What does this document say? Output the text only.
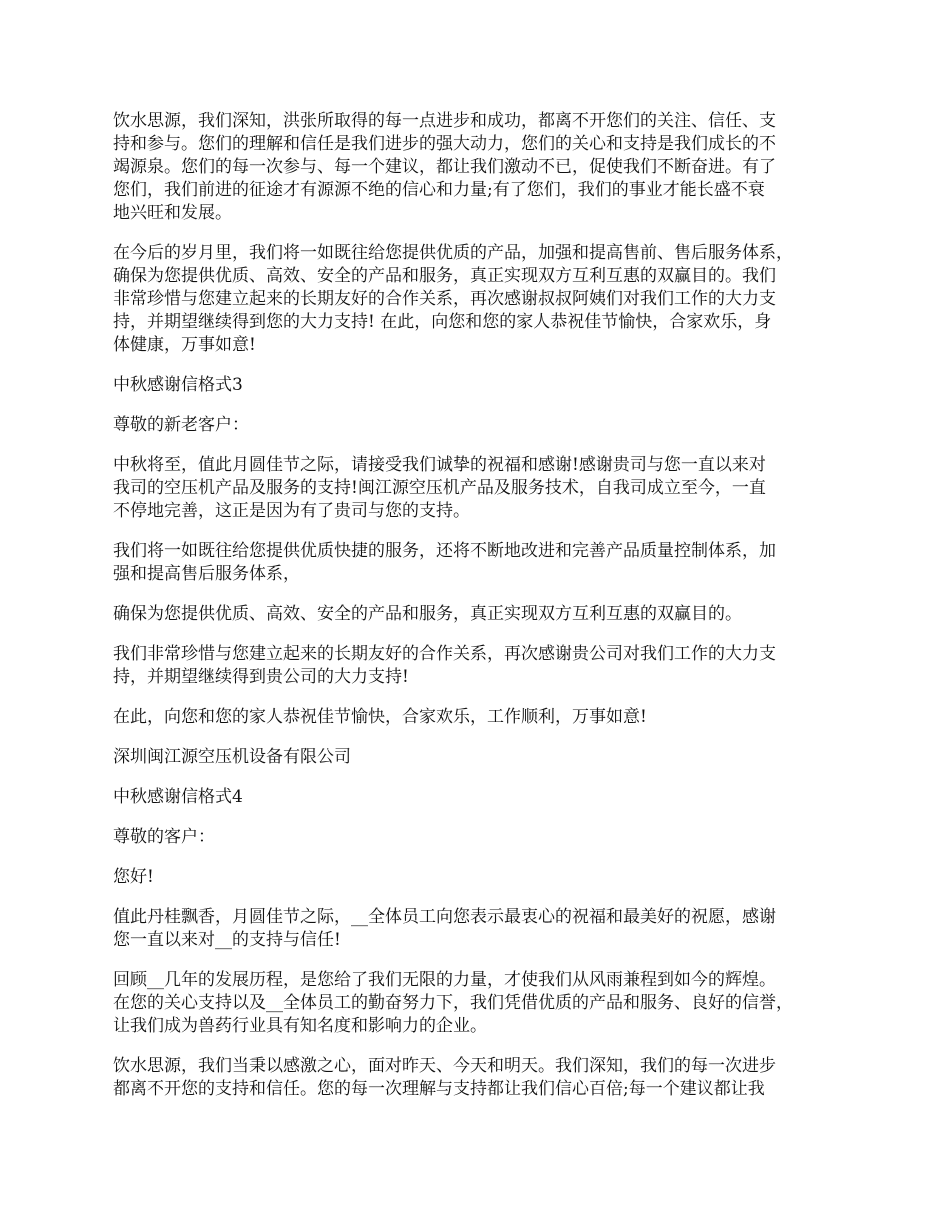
饮水思源，我们深知，洪张所取得的每一点进步和成功，都离不开您们的关注、信任、支
持和参与。您们的理解和信任是我们进步的强大动力，您们的关心和支持是我们成长的不
竭源泉。您们的每一次参与、每一个建议，都让我们激动不已，促使我们不断奋进。有了
您们，我们前进的征途才有源源不绝的信心和力量;有了您们，我们的事业才能长盛不衰
地兴旺和发展。

在今后的岁月里，我们将一如既往给您提供优质的产品，加强和提高售前、售后服务体系，
确保为您提供优质、高效、安全的产品和服务，真正实现双方互利互惠的双赢目的。我们
非常珍惜与您建立起来的长期友好的合作关系，再次感谢叔叔阿姨们对我们工作的大力支
持，并期望继续得到您的大力支持! 在此，向您和您的家人恭祝佳节愉快，合家欢乐，身
体健康，万事如意!

中秋感谢信格式3

尊敬的新老客户：

中秋将至，值此月圆佳节之际，请接受我们诚挚的祝福和感谢!感谢贵司与您一直以来对
我司的空压机产品及服务的支持!闽江源空压机产品及服务技术，自我司成立至今，一直
不停地完善，这正是因为有了贵司与您的支持。

我们将一如既往给您提供优质快捷的服务，还将不断地改进和完善产品质量控制体系，加
强和提高售后服务体系，

确保为您提供优质、高效、安全的产品和服务，真正实现双方互利互惠的双赢目的。

我们非常珍惜与您建立起来的长期友好的合作关系，再次感谢贵公司对我们工作的大力支
持，并期望继续得到贵公司的大力支持!

在此，向您和您的家人恭祝佳节愉快，合家欢乐，工作顺利，万事如意!

深圳闽江源空压机设备有限公司

中秋感谢信格式4

尊敬的客户：

您好!

值此丹桂飘香，月圆佳节之际，__全体员工向您表示最衷心的祝福和最美好的祝愿，感谢
您一直以来对__的支持与信任!

回顾__几年的发展历程，是您给了我们无限的力量，才使我们从风雨兼程到如今的辉煌。
在您的关心支持以及__全体员工的勤奋努力下，我们凭借优质的产品和服务、良好的信誉，
让我们成为兽药行业具有知名度和影响力的企业。

饮水思源，我们当秉以感激之心，面对昨天、今天和明天。我们深知，我们的每一次进步
都离不开您的支持和信任。您的每一次理解与支持都让我们信心百倍;每一个建议都让我
